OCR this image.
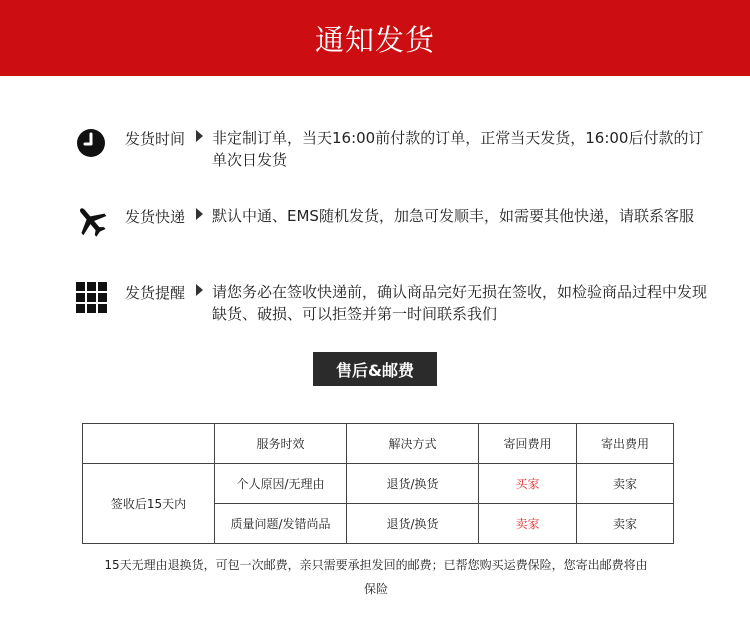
通知发货
发货时间 非定制订单，当天16:00前付款的订单，正常当天发货，16:00后付款的订单次日发货
发货快递 默认中通、EMS随机发货，加急可发顺丰，如需要其他快递，请联系客服
发货提醒 请您务必在签收快递前，确认商品完好无损在签收，如检验商品过程中发现缺货、破损、可以拒签并第一时间联系我们
售后&邮费
	服务时效	解决方式	寄回费用	寄出费用
签收后15天内	个人原因/无理由	退货/换货	买家	卖家
	质量问题/发错尚品	退货/换货	卖家	卖家
15天无理由退换货，可包一次邮费，亲只需要承担发回的邮费；已帮您购买运费保险，您寄出邮费将由保险
